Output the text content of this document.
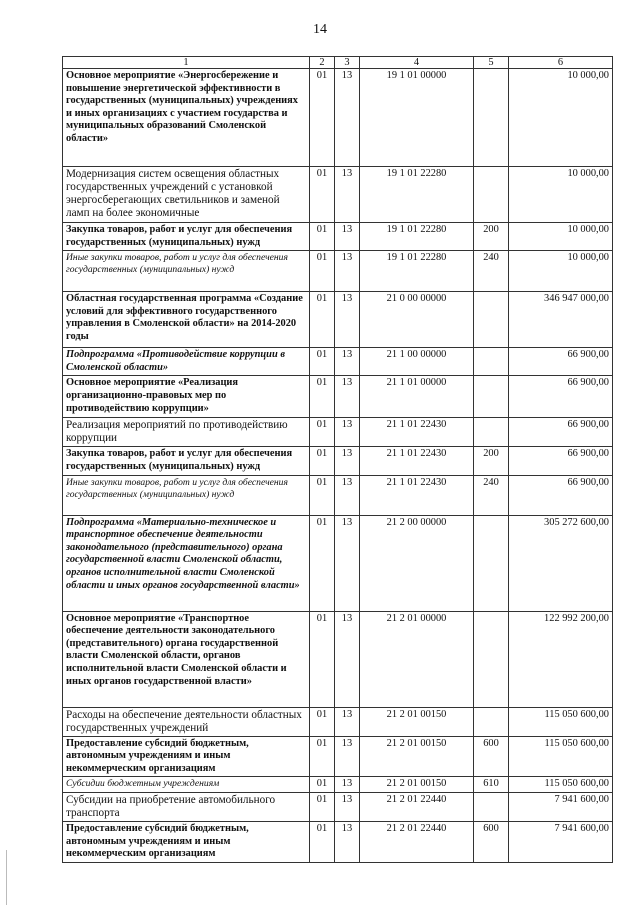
14
1	2	3	4	5	6
Основное мероприятие «Энергосбережение и повышение энергетической эффективности в государственных (муниципальных) учреждениях и иных организациях с участием государства и муниципальных образований Смоленской области»	01	13	19 1 01 00000		10 000,00
Модернизация систем освещения областных государственных учреждений с установкой энергосберегающих светильников и заменой ламп на более экономичные	01	13	19 1 01 22280		10 000,00
Закупка товаров, работ и услуг для обеспечения государственных (муниципальных) нужд	01	13	19 1 01 22280	200	10 000,00
Иные закупки товаров, работ и услуг для обеспечения государственных (муниципальных) нужд	01	13	19 1 01 22280	240	10 000,00
Областная государственная программа «Создание условий для эффективного государственного управления в Смоленской области» на 2014-2020 годы	01	13	21 0 00 00000		346 947 000,00
Подпрограмма «Противодействие коррупции в Смоленской области»	01	13	21 1 00 00000		66 900,00
Основное мероприятие «Реализация организационно-правовых мер по противодействию коррупции»	01	13	21 1 01 00000		66 900,00
Реализация мероприятий по противодействию коррупции	01	13	21 1 01 22430		66 900,00
Закупка товаров, работ и услуг для обеспечения государственных (муниципальных) нужд	01	13	21 1 01 22430	200	66 900,00
Иные закупки товаров, работ и услуг для обеспечения государственных (муниципальных) нужд	01	13	21 1 01 22430	240	66 900,00
Подпрограмма «Материально-техническое и транспортное обеспечение деятельности законодательного (представительного) органа государственной власти Смоленской области, органов исполнительной власти Смоленской области и иных органов государственной власти»	01	13	21 2 00 00000		305 272 600,00
Основное мероприятие «Транспортное обеспечение деятельности законодательного (представительного) органа государственной власти Смоленской области, органов исполнительной власти Смоленской области и иных органов государственной власти»	01	13	21 2 01 00000		122 992 200,00
Расходы на обеспечение деятельности областных государственных учреждений	01	13	21 2 01 00150		115 050 600,00
Предоставление субсидий бюджетным, автономным учреждениям и иным некоммерческим организациям	01	13	21 2 01 00150	600	115 050 600,00
Субсидии бюджетным учреждениям	01	13	21 2 01 00150	610	115 050 600,00
Субсидии на приобретение автомобильного транспорта	01	13	21 2 01 22440		7 941 600,00
Предоставление субсидий бюджетным, автономным учреждениям и иным некоммерческим организациям	01	13	21 2 01 22440	600	7 941 600,00
